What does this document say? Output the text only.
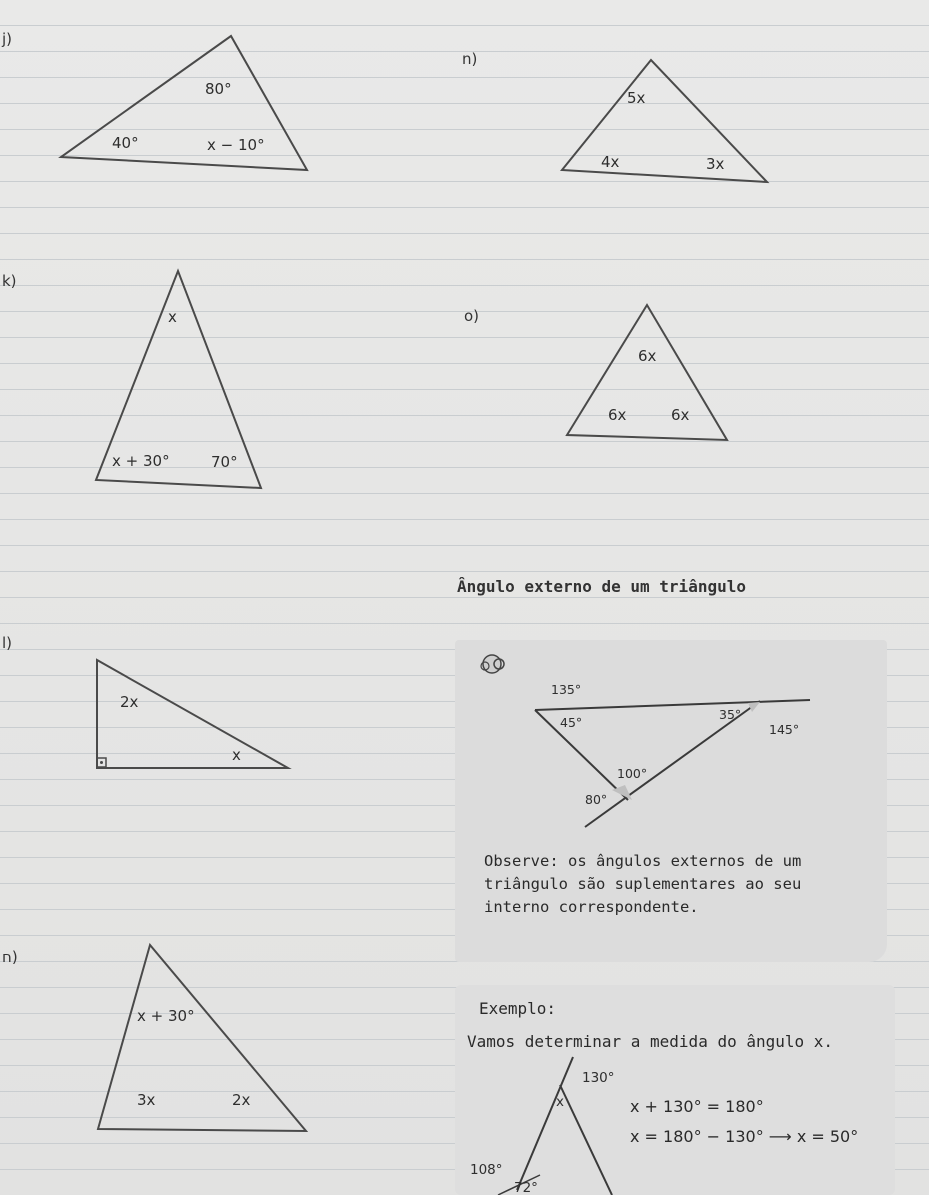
j)
80°
40°	x − 10°
n)
5x
4x	3x
k)
x
x + 30°	70°
o)
6x
6x	6x
Ângulo externo de um triângulo
l)
2x
x
135°
45°
35°
145°
100°
80°
Observe: os ângulos externos de um
triângulo são suplementares ao seu
interno correspondente.
ח)
x + 30°
3x	2x
Exemplo:
Vamos determinar a medida do ângulo x.
130°
x
108°
72°
x + 130° = 180°
x = 180° − 130° ⟶ x = 50°
